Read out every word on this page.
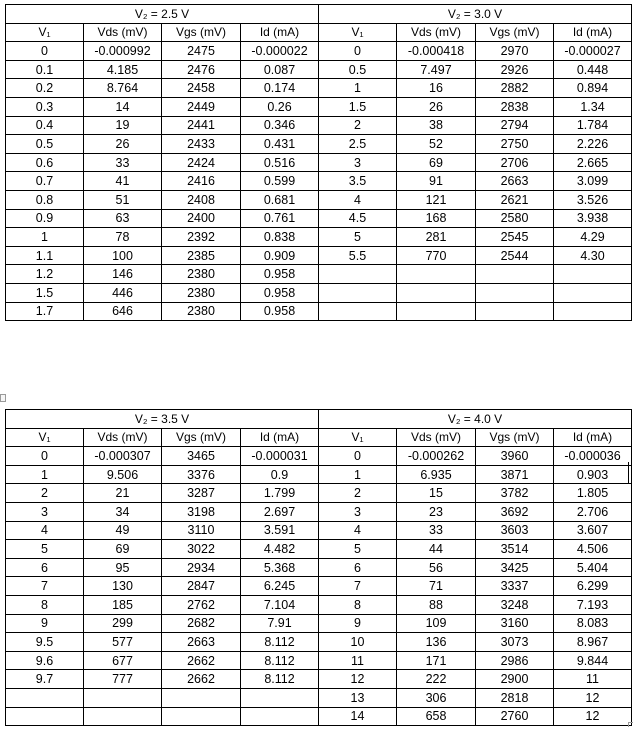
V₂ = 2.5 V				V₂ = 3.0 V			
V₁	Vds (mV)	Vgs (mV)	Id (mA)	V₁	Vds (mV)	Vgs (mV)	Id (mA)
0	-0.000992	2475	-0.000022	0	-0.000418	2970	-0.000027
0.1	4.185	2476	0.087	0.5	7.497	2926	0.448
0.2	8.764	2458	0.174	1	16	2882	0.894
0.3	14	2449	0.26	1.5	26	2838	1.34
0.4	19	2441	0.346	2	38	2794	1.784
0.5	26	2433	0.431	2.5	52	2750	2.226
0.6	33	2424	0.516	3	69	2706	2.665
0.7	41	2416	0.599	3.5	91	2663	3.099
0.8	51	2408	0.681	4	121	2621	3.526
0.9	63	2400	0.761	4.5	168	2580	3.938
1	78	2392	0.838	5	281	2545	4.29
1.1	100	2385	0.909	5.5	770	2544	4.30
1.2	146	2380	0.958				
1.5	446	2380	0.958				
1.7	646	2380	0.958				
V₂ = 3.5 V				V₂ = 4.0 V			
V₁	Vds (mV)	Vgs (mV)	Id (mA)	V₁	Vds (mV)	Vgs (mV)	Id (mA)
0	-0.000307	3465	-0.000031	0	-0.000262	3960	-0.000036
1	9.506	3376	0.9	1	6.935	3871	0.903
2	21	3287	1.799	2	15	3782	1.805
3	34	3198	2.697	3	23	3692	2.706
4	49	3110	3.591	4	33	3603	3.607
5	69	3022	4.482	5	44	3514	4.506
6	95	2934	5.368	6	56	3425	5.404
7	130	2847	6.245	7	71	3337	6.299
8	185	2762	7.104	8	88	3248	7.193
9	299	2682	7.91	9	109	3160	8.083
9.5	577	2663	8.112	10	136	3073	8.967
9.6	677	2662	8.112	11	171	2986	9.844
9.7	777	2662	8.112	12	222	2900	11
				13	306	2818	12
				14	658	2760	12
